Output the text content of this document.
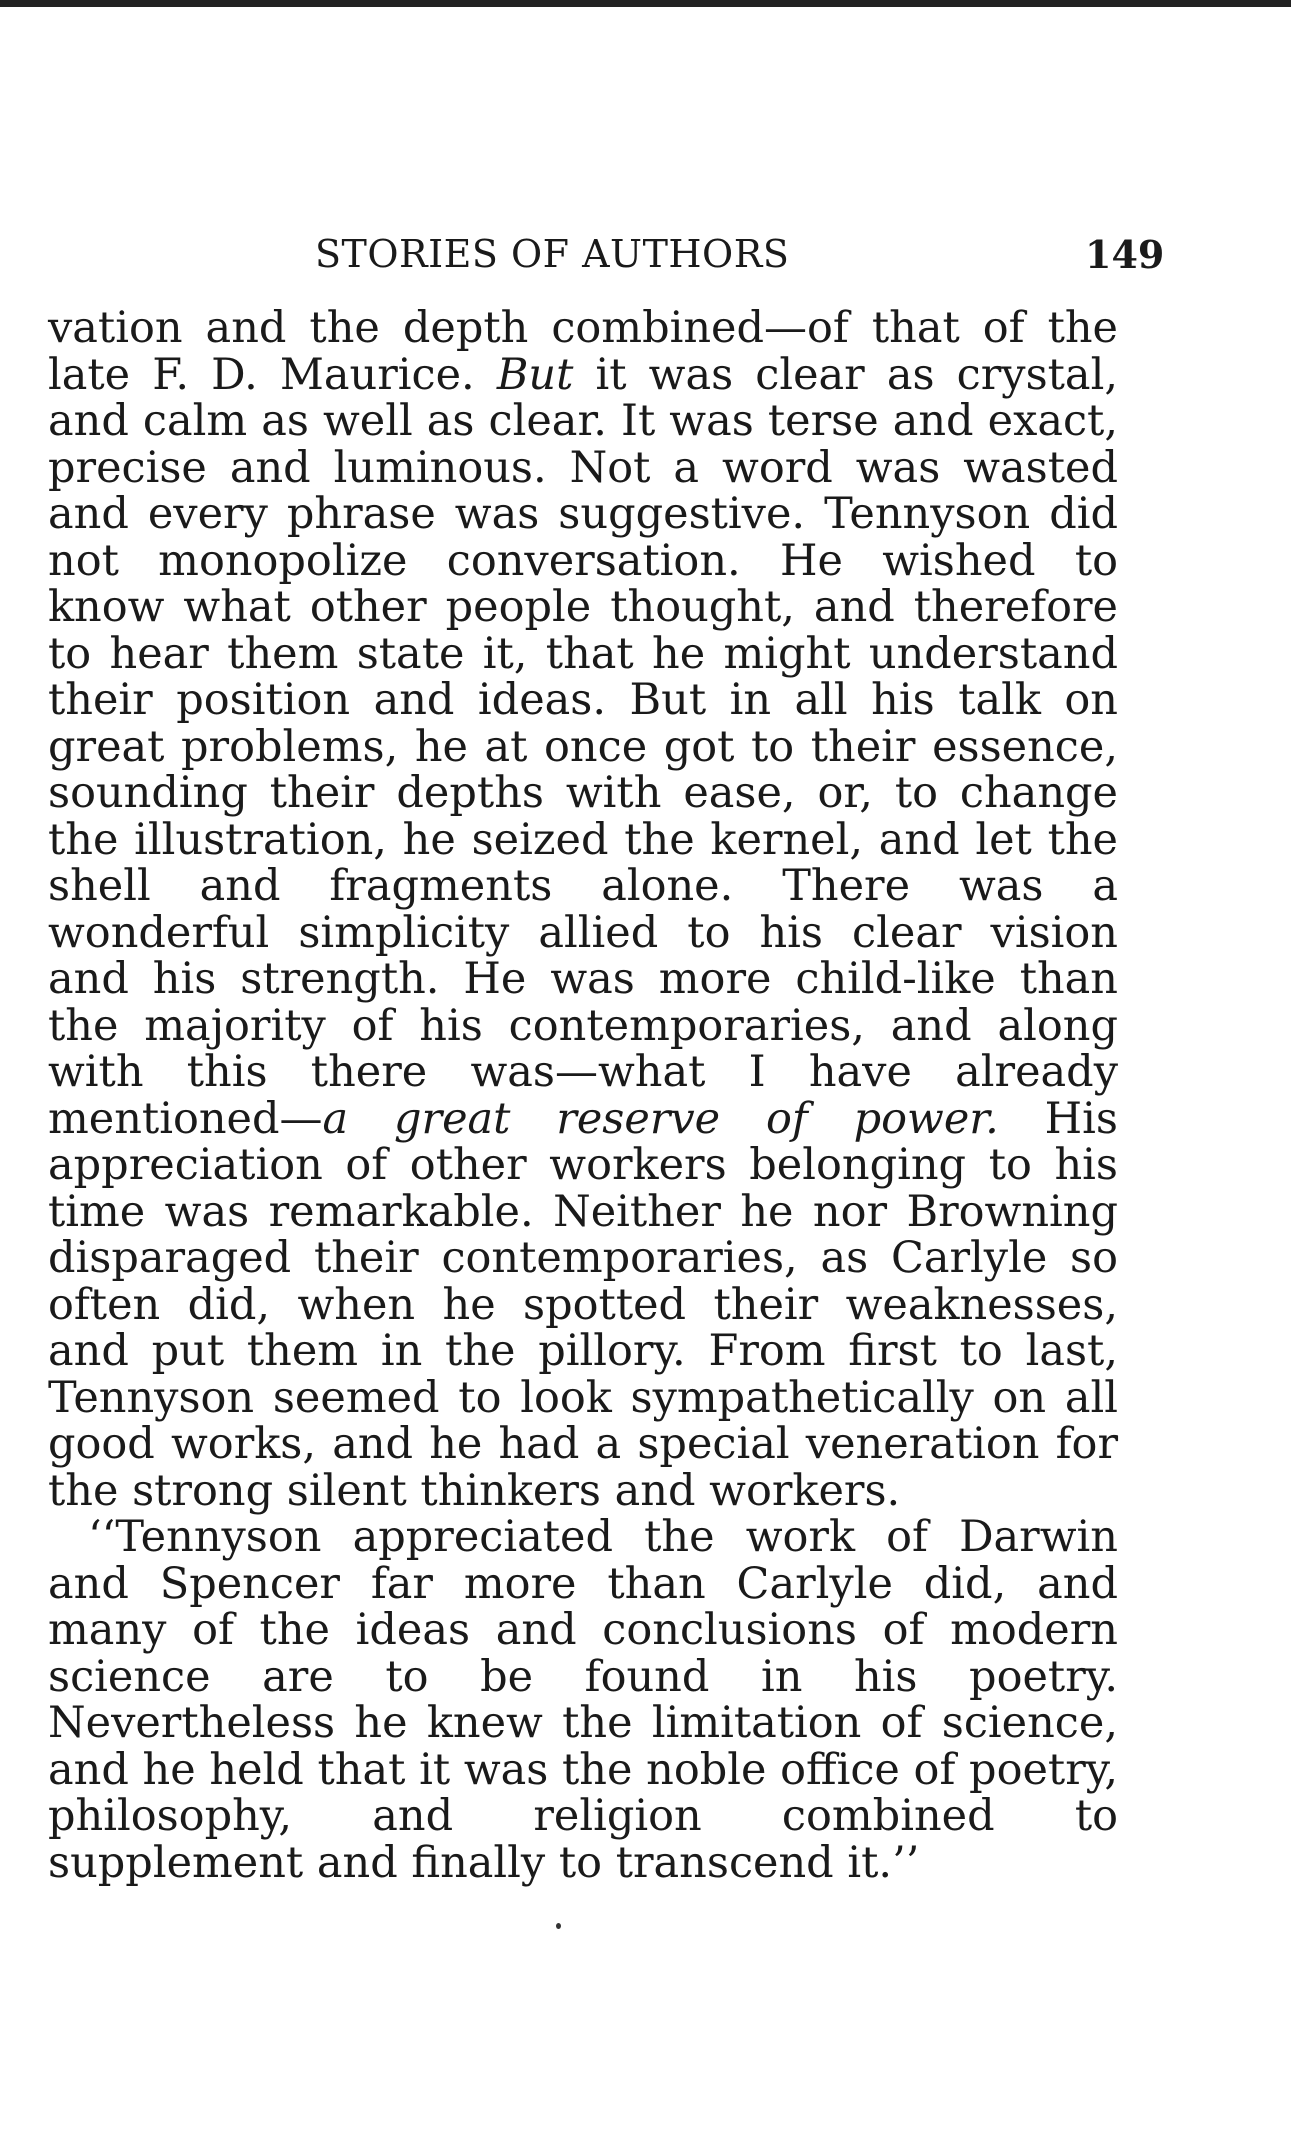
STORIES OF AUTHORS	149

vation and the depth combined—of that of the late F. D. Maurice. But it was clear as crystal, and calm as well as clear. It was terse and exact, precise and luminous. Not a word was wasted and every phrase was suggestive. Tennyson did not monopolize conversation. He wished to know what other people thought, and therefore to hear them state it, that he might understand their position and ideas. But in all his talk on great problems, he at once got to their essence, sounding their depths with ease, or, to change the illustration, he seized the kernel, and let the shell and fragments alone. There was a wonderful simplicity allied to his clear vision and his strength. He was more child-like than the majority of his contemporaries, and along with this there was—what I have already mentioned—a great reserve of power. His appreciation of other workers belonging to his time was remarkable. Neither he nor Browning disparaged their contemporaries, as Carlyle so often did, when he spotted their weaknesses, and put them in the pillory. From first to last, Tennyson seemed to look sympathetically on all good works, and he had a special veneration for the strong silent thinkers and workers.

‘‘Tennyson appreciated the work of Darwin and Spencer far more than Carlyle did, and many of the ideas and conclusions of modern science are to be found in his poetry. Nevertheless he knew the limitation of science, and he held that it was the noble office of poetry, philosophy, and religion combined to supplement and finally to transcend it.’’
